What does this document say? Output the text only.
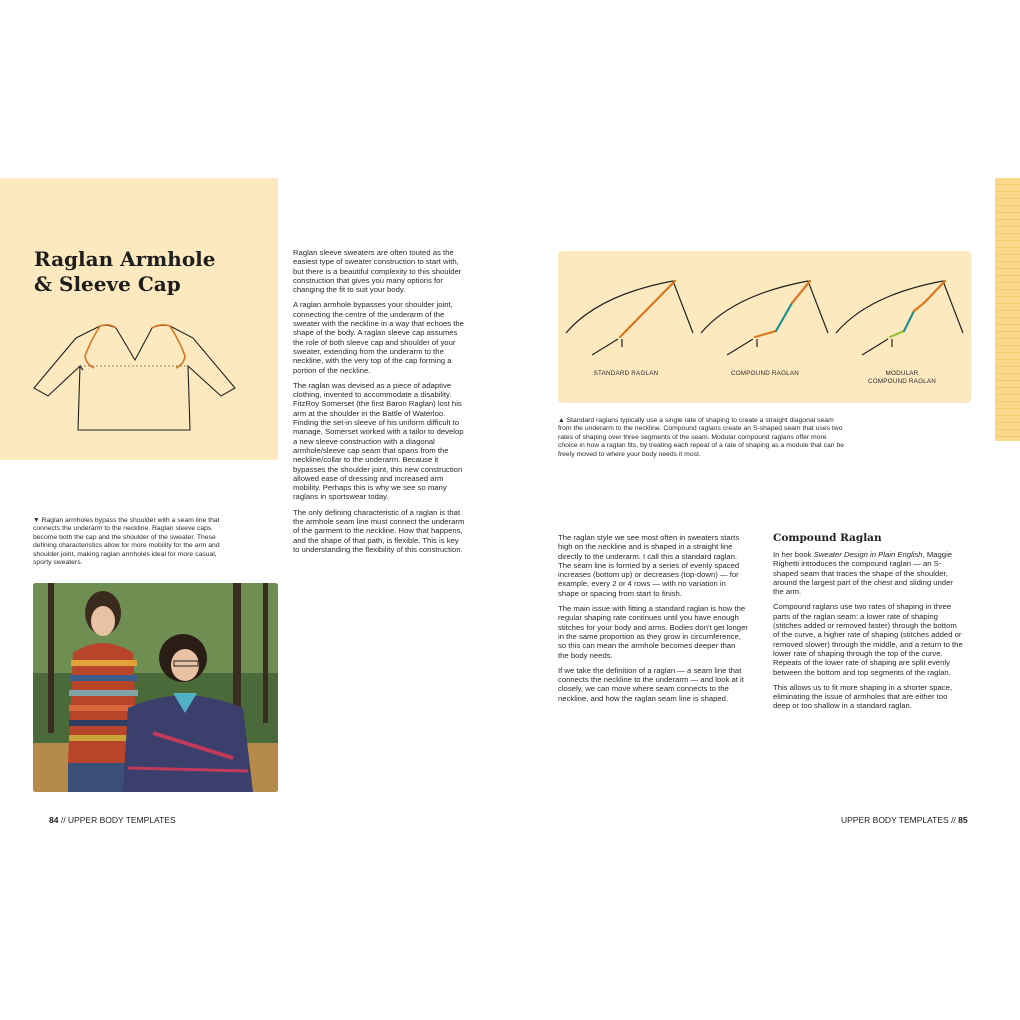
Raglan Armhole
& Sleeve Cap

Raglan sleeve sweaters are often touted as the easiest type of sweater construction to start with, but there is a beautiful complexity to this shoulder construction that gives you many options for changing the fit to suit your body.

A raglan armhole bypasses your shoulder joint, connecting the centre of the underarm of the sweater with the neckline in a way that echoes the shape of the body. A raglan sleeve cap assumes the role of both sleeve cap and shoulder of your sweater, extending from the underarm to the neckline, with the very top of the cap forming a portion of the neckline.

The raglan was devised as a piece of adaptive clothing, invented to accommodate a disability. FitzRoy Somerset (the first Baron Raglan) lost his arm at the shoulder in the Battle of Waterloo. Finding the set-in sleeve of his uniform difficult to manage, Somerset worked with a tailor to develop a new sleeve construction with a diagonal armhole/sleeve cap seam that spans from the neckline/collar to the underarm. Because it bypasses the shoulder joint, this new construction allowed ease of dressing and increased arm mobility. Perhaps this is why we see so many raglans in sportswear today.

The only defining characteristic of a raglan is that the armhole seam line must connect the underarm of the garment to the neckline. How that happens, and the shape of that path, is flexible. This is key to understanding the flexibility of this construction.

▼ Raglan armholes bypass the shoulder with a seam line that connects the underarm to the neckline. Raglan sleeve caps become both the cap and the shoulder of the sweater. These defining characteristics allow for more mobility for the arm and shoulder joint, making raglan armholes ideal for more casual, sporty sweaters.

84 // UPPER BODY TEMPLATES
STANDARD RAGLAN	COMPOUND RAGLAN	MODULAR
COMPOUND RAGLAN

▲ Standard raglans typically use a single rate of shaping to create a straight diagonal seam from the underarm to the neckline. Compound raglans create an S-shaped seam that uses two rates of shaping over three segments of the seam. Modular compound raglans offer more choice in how a raglan fits, by treating each repeat of a rate of shaping as a module that can be freely moved to where your body needs it most.

The raglan style we see most often in sweaters starts high on the neckline and is shaped in a straight line directly to the underarm. I call this a standard raglan. The seam line is formed by a series of evenly spaced increases (bottom up) or decreases (top-down) — for example, every 2 or 4 rows — with no variation in shape or spacing from start to finish.

The main issue with fitting a standard raglan is how the regular shaping rate continues until you have enough stitches for your body and arms. Bodies don't get longer in the same proportion as they grow in circumference, so this can mean the armhole becomes deeper than the body needs.

If we take the definition of a raglan — a seam line that connects the neckline to the underarm — and look at it closely, we can move where seam connects to the neckline, and how the raglan seam line is shaped.

Compound Raglan

In her book Sweater Design in Plain English, Maggie Righetti introduces the compound raglan — an S-shaped seam that traces the shape of the shoulder, around the largest part of the chest and sliding under the arm.

Compound raglans use two rates of shaping in three parts of the raglan seam: a lower rate of shaping (stitches added or removed faster) through the bottom of the curve, a higher rate of shaping (stitches added or removed slower) through the middle, and a return to the lower rate of shaping through the top of the curve. Repeats of the lower rate of shaping are split evenly between the bottom and top segments of the raglan.

This allows us to fit more shaping in a shorter space, eliminating the issue of armholes that are either too deep or too shallow in a standard raglan.

UPPER BODY TEMPLATES // 85
